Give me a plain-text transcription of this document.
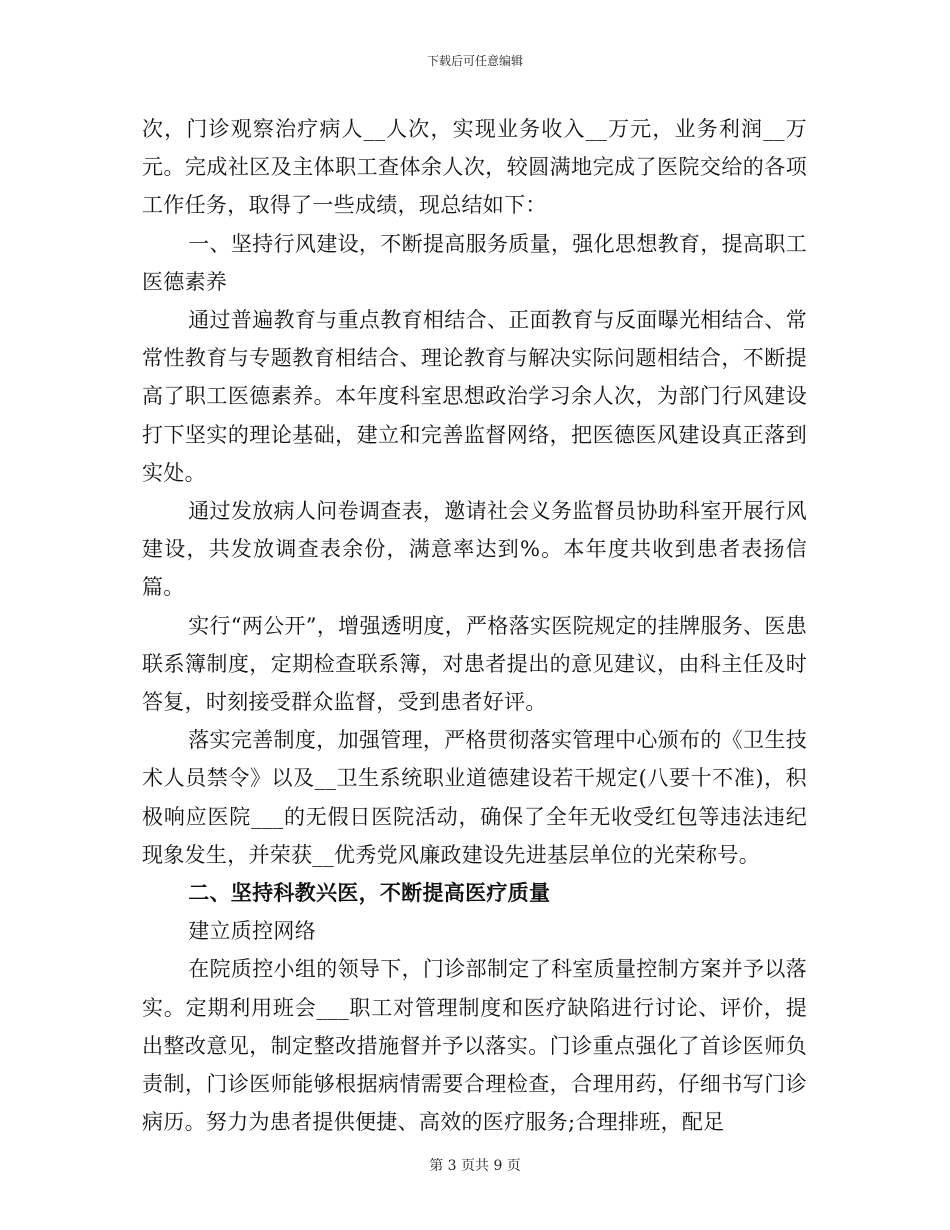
下载后可任意编辑

次，门诊观察治疗病人__人次，实现业务收入__万元，业务利润__万元。完成社区及主体职工查体余人次，较圆满地完成了医院交给的各项工作任务，取得了一些成绩，现总结如下：

一、坚持行风建设，不断提高服务质量，强化思想教育，提高职工医德素养

通过普遍教育与重点教育相结合、正面教育与反面曝光相结合、常常性教育与专题教育相结合、理论教育与解决实际问题相结合，不断提高了职工医德素养。本年度科室思想政治学习余人次，为部门行风建设打下坚实的理论基础，建立和完善监督网络，把医德医风建设真正落到实处。

通过发放病人问卷调查表，邀请社会义务监督员协助科室开展行风建设，共发放调查表余份，满意率达到%。本年度共收到患者表扬信篇。

实行“两公开”，增强透明度，严格落实医院规定的挂牌服务、医患联系簿制度，定期检查联系簿，对患者提出的意见建议，由科主任及时答复，时刻接受群众监督，受到患者好评。

落实完善制度，加强管理，严格贯彻落实管理中心颁布的《卫生技术人员禁令》以及__卫生系统职业道德建设若干规定(八要十不准)，积极响应医院___的无假日医院活动，确保了全年无收受红包等违法违纪现象发生，并荣获__优秀党风廉政建设先进基层单位的光荣称号。

二、坚持科教兴医，不断提高医疗质量

建立质控网络

在院质控小组的领导下，门诊部制定了科室质量控制方案并予以落实。定期利用班会___职工对管理制度和医疗缺陷进行讨论、评价，提出整改意见，制定整改措施督并予以落实。门诊重点强化了首诊医师负责制，门诊医师能够根据病情需要合理检查，合理用药，仔细书写门诊病历。努力为患者提供便捷、高效的医疗服务;合理排班，配足

第 3 页共 9 页
